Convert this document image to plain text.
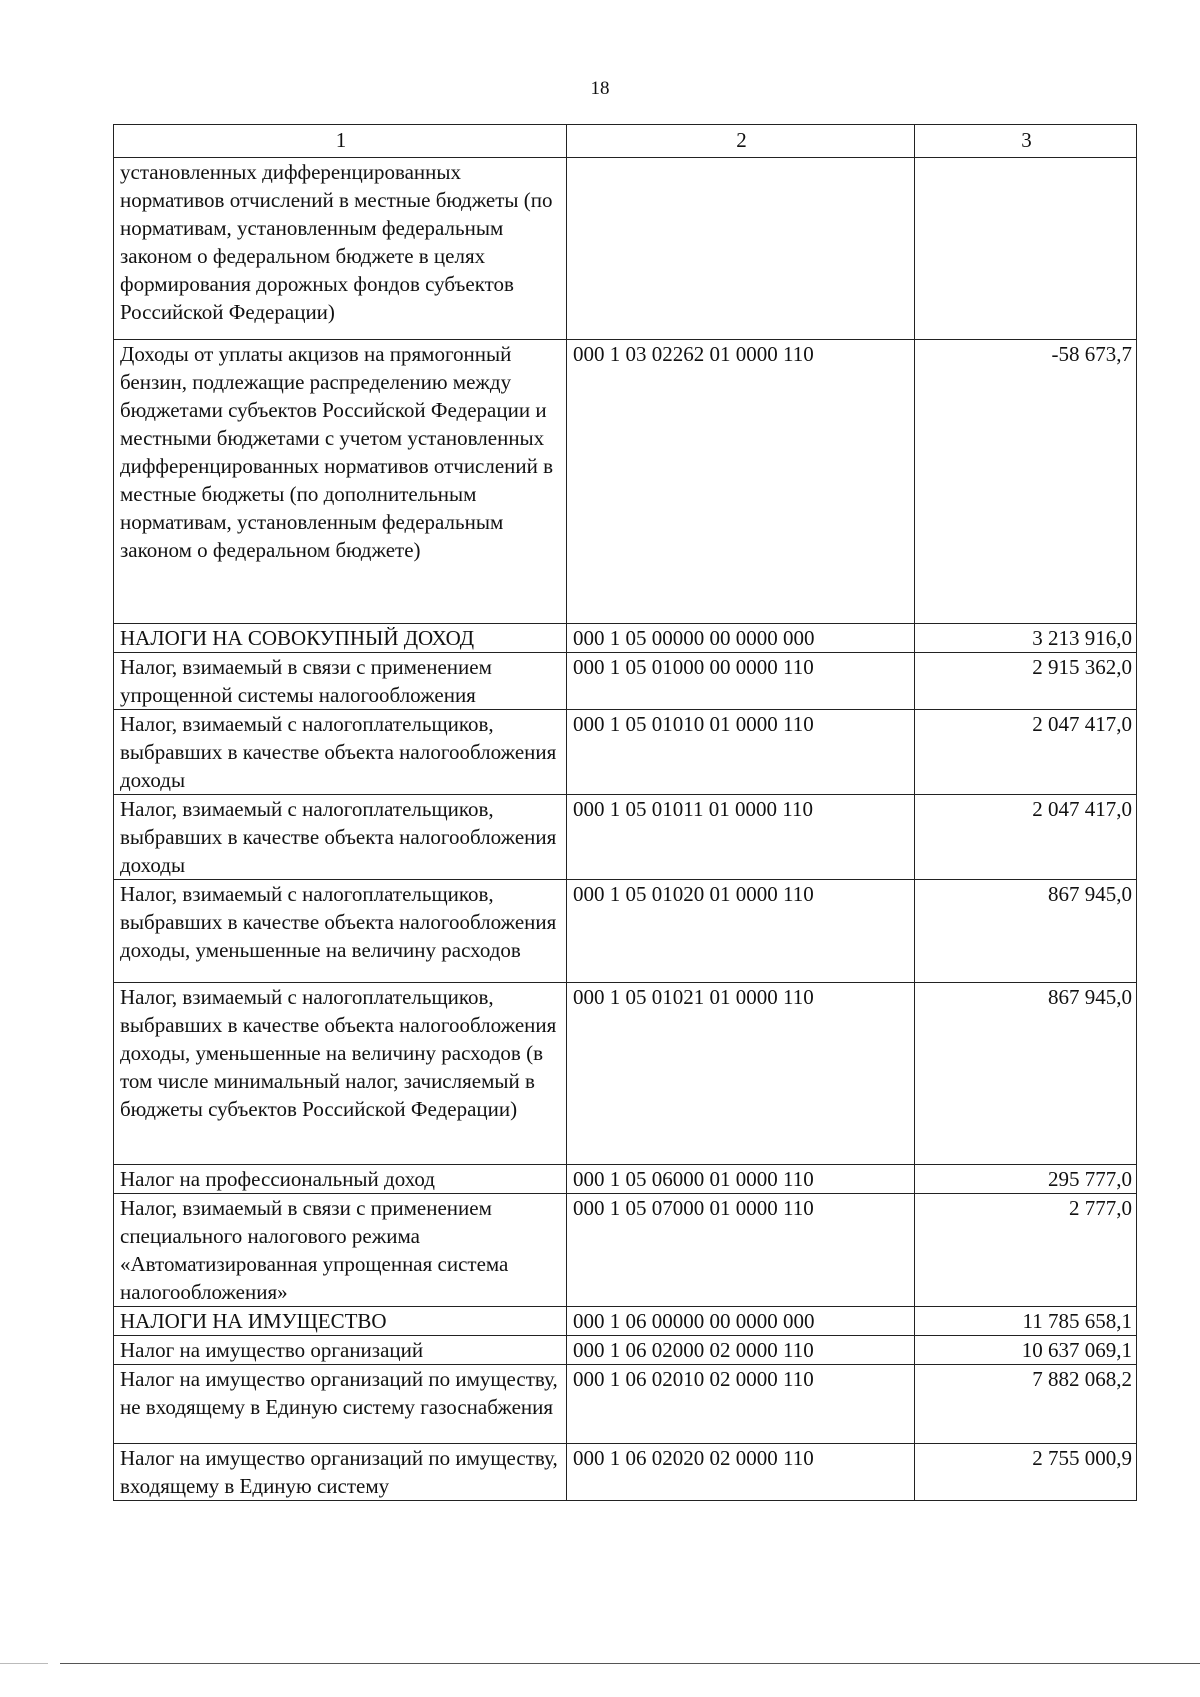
18
1	2	3
установленных дифференцированных нормативов отчислений в местные бюджеты (по нормативам, установленным федеральным законом о федеральном бюджете в целях формирования дорожных фондов субъектов Российской Федерации)		
Доходы от уплаты акцизов на прямогонный бензин, подлежащие распределению между бюджетами субъектов Российской Федерации и местными бюджетами с учетом установленных дифференцированных нормативов отчислений в местные бюджеты (по дополнительным нормативам, установленным федеральным законом о федеральном бюджете)	000 1 03 02262 01 0000 110	-58 673,7
НАЛОГИ НА СОВОКУПНЫЙ ДОХОД	000 1 05 00000 00 0000 000	3 213 916,0
Налог, взимаемый в связи с применением упрощенной системы налогообложения	000 1 05 01000 00 0000 110	2 915 362,0
Налог, взимаемый с налогоплательщиков, выбравших в качестве объекта налогообложения доходы	000 1 05 01010 01 0000 110	2 047 417,0
Налог, взимаемый с налогоплательщиков, выбравших в качестве объекта налогообложения доходы	000 1 05 01011 01 0000 110	2 047 417,0
Налог, взимаемый с налогоплательщиков, выбравших в качестве объекта налогообложения доходы, уменьшенные на величину расходов	000 1 05 01020 01 0000 110	867 945,0
Налог, взимаемый с налогоплательщиков, выбравших в качестве объекта налогообложения доходы, уменьшенные на величину расходов (в том числе минимальный налог, зачисляемый в бюджеты субъектов Российской Федерации)	000 1 05 01021 01 0000 110	867 945,0
Налог на профессиональный доход	000 1 05 06000 01 0000 110	295 777,0
Налог, взимаемый в связи с применением специального налогового режима «Автоматизированная упрощенная система налогообложения»	000 1 05 07000 01 0000 110	2 777,0
НАЛОГИ НА ИМУЩЕСТВО	000 1 06 00000 00 0000 000	11 785 658,1
Налог на имущество организаций	000 1 06 02000 02 0000 110	10 637 069,1
Налог на имущество организаций по имуществу, не входящему в Единую систему газоснабжения	000 1 06 02010 02 0000 110	7 882 068,2
Налог на имущество организаций по имуществу, входящему в Единую систему	000 1 06 02020 02 0000 110	2 755 000,9
